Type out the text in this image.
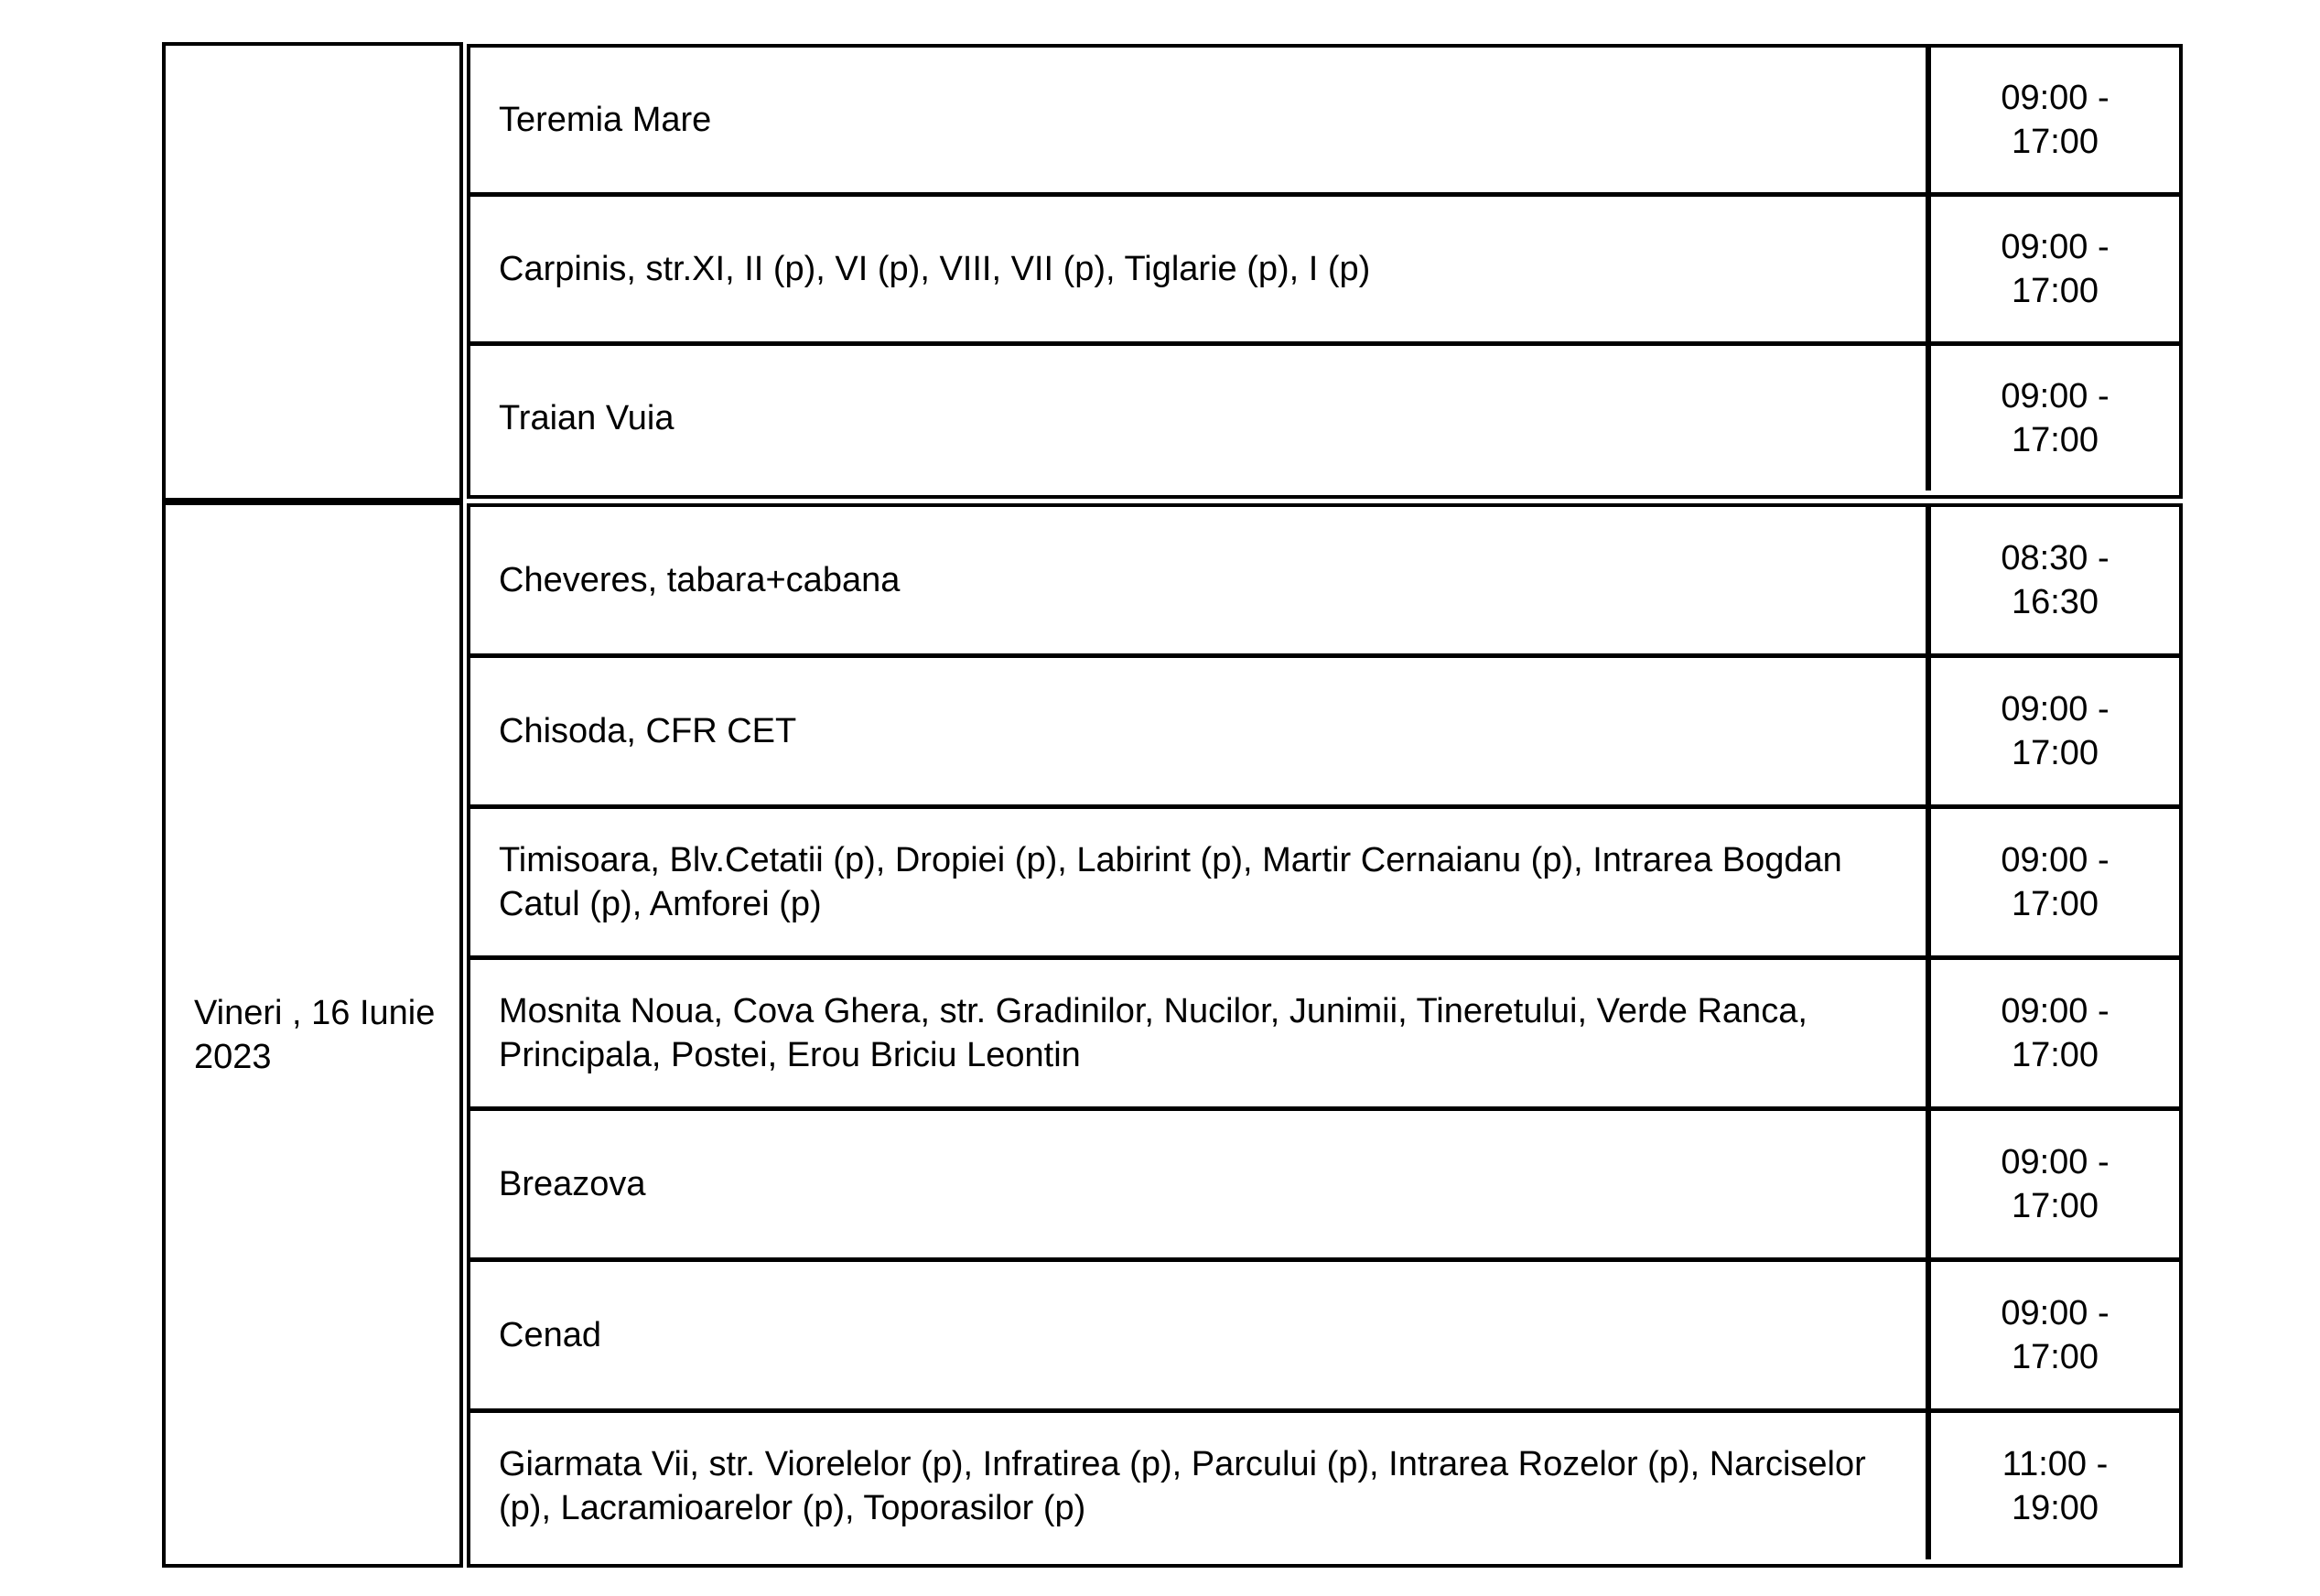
Teremia Mare
09:00 -
17:00
Carpinis, str.XI, II (p), VI (p), VIII, VII (p), Tiglarie (p), I (p)
09:00 -
17:00
Traian Vuia
09:00 -
17:00
Vineri , 16 Iunie
2023
Cheveres, tabara+cabana
08:30 -
16:30
Chisoda, CFR CET
09:00 -
17:00
Timisoara, Blv.Cetatii (p), Dropiei (p), Labirint (p), Martir Cernaianu (p), Intrarea Bogdan Catul (p), Amforei (p)
09:00 -
17:00
Mosnita Noua, Cova Ghera, str. Gradinilor, Nucilor, Junimii, Tineretului, Verde Ranca, Principala, Postei, Erou Briciu Leontin
09:00 -
17:00
Breazova
09:00 -
17:00
Cenad
09:00 -
17:00
Giarmata Vii, str. Viorelelor (p), Infratirea (p), Parcului (p), Intrarea Rozelor (p), Narciselor (p), Lacramioarelor (p), Toporasilor (p)
11:00 -
19:00
